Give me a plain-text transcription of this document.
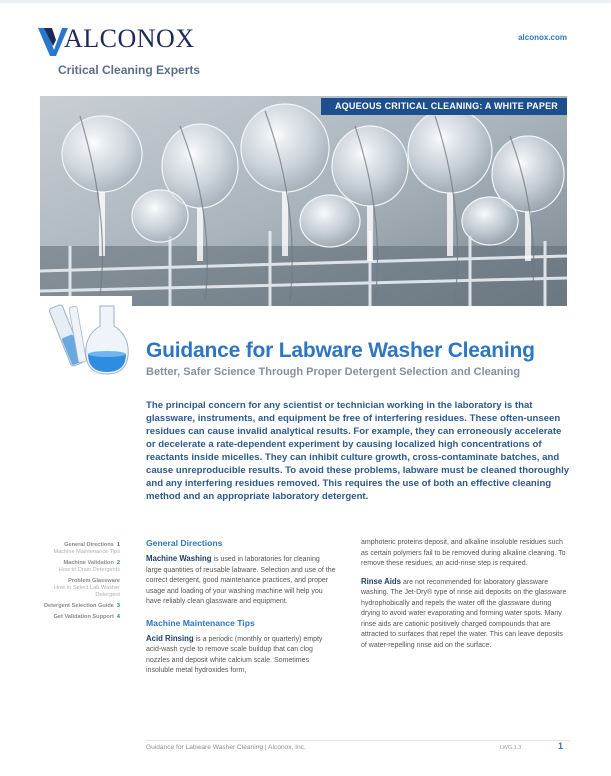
ALCONOX
Critical Cleaning Experts
alconox.com
AQUEOUS CRITICAL CLEANING: A WHITE PAPER
Guidance for Labware Washer Cleaning
Better, Safer Science Through Proper Detergent Selection and Cleaning
The principal concern for any scientist or technician working in the laboratory is that glassware, instruments, and equipment be free of interfering residues. These often-unseen residues can cause invalid analytical results. For example, they can erroneously accelerate or decelerate a rate-dependent experiment by causing localized high concentrations of reactants inside micelles. They can inhibit culture growth, cross-contaminate batches, and cause unreproducible results. To avoid these problems, labware must be cleaned thoroughly and any interfering residues removed. This requires the use of both an effective cleaning method and an appropriate laboratory detergent.
General Directions 1
Machine Maintenance Tips
Machine Validation 2
How to Drain Detergents
Problem Glassware
How to Select Lab Washer Detergent
Detergent Selection Guide 3
Get Validation Support 4
General Directions

Machine Washing is used in laboratories for cleaning large quantities of reusable labware. Selection and use of the correct detergent, good maintenance practices, and proper usage and loading of your washing machine will help you have reliably clean glassware and equipment.

Machine Maintenance Tips

Acid Rinsing is a periodic (monthly or quarterly) empty acid-wash cycle to remove scale buildup that can clog nozzles and deposit white calcium scale. Sometimes insoluble metal hydroxides form,

amphoteric proteins deposit, and alkaline insoluble residues such as certain polymers fail to be removed during alkaline cleaning. To remove these residues, an acid-rinse step is required.

Rinse Aids are not recommended for laboratory glassware washing. The Jet-Dry® type of rinse aid deposits on the glassware hydrophobically and repels the water off the glassware during drying to avoid water evaporating and forming water spots. Many rinse aids are cationic positively charged compounds that are attracted to surfaces that repel the water. This can leave deposits of water-repelling rinse aid on the surface.

Guidance for Labware Washer Cleaning | Alconox, Inc.	LWG.1.3	1
